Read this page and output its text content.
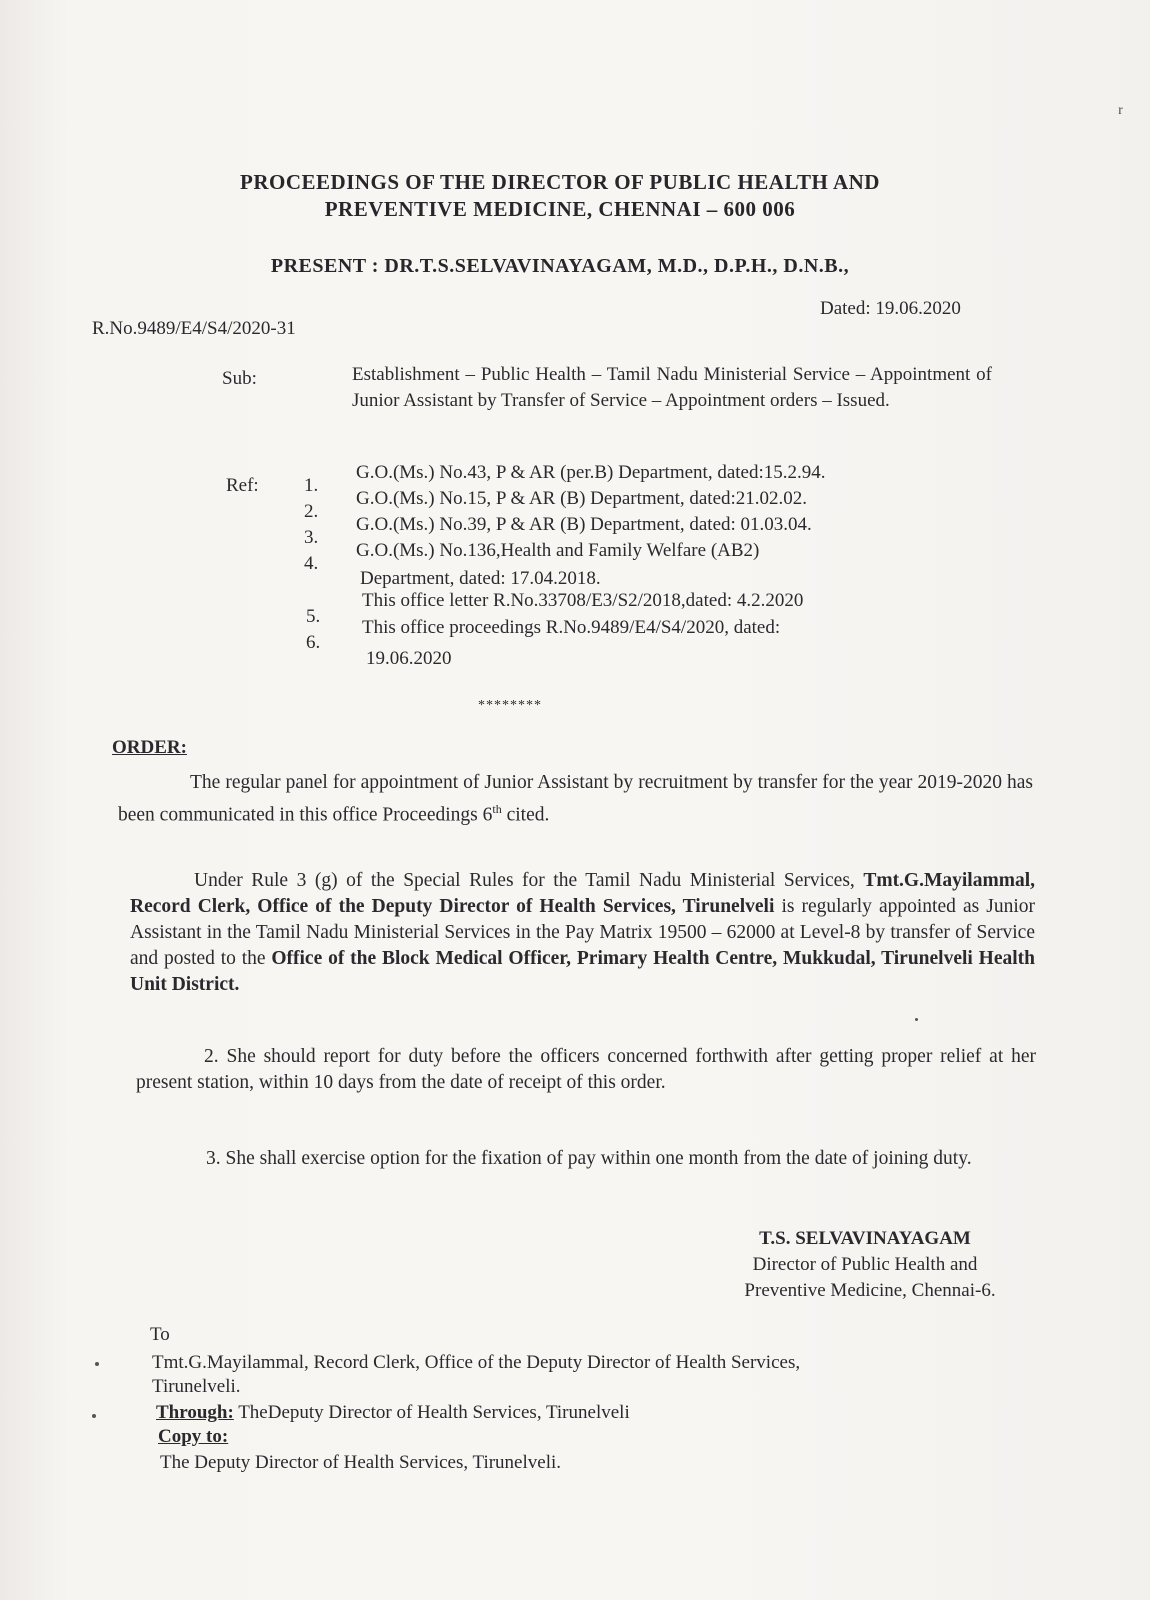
ʳ
PROCEEDINGS OF THE DIRECTOR OF PUBLIC HEALTH AND
PREVENTIVE MEDICINE, CHENNAI – 600 006
PRESENT : DR.T.S.SELVAVINAYAGAM, M.D., D.P.H., D.N.B.,
R.No.9489/E4/S4/2020-31
Dated: 19.06.2020
Sub:	Establishment – Public Health – Tamil Nadu Ministerial Service – Appointment of Junior Assistant by Transfer of Service – Appointment orders – Issued.
Ref: 1.
G.O.(Ms.) No.43, P & AR (per.B) Department, dated:15.2.94.
2.
G.O.(Ms.) No.15, P & AR (B) Department, dated:21.02.02.
3.
G.O.(Ms.) No.39, P & AR (B) Department, dated: 01.03.04.
4.
G.O.(Ms.) No.136,Health and Family Welfare (AB2)
Department, dated: 17.04.2018.
5.
This office letter R.No.33708/E3/S2/2018,dated: 4.2.2020
6.
This office proceedings R.No.9489/E4/S4/2020, dated:
19.06.2020
********
ORDER:
The regular panel for appointment of Junior Assistant by recruitment by transfer for the year 2019-2020 has been communicated in this office Proceedings 6th cited.
Under Rule 3 (g) of the Special Rules for the Tamil Nadu Ministerial Services, Tmt.G.Mayilammal, Record Clerk, Office of the Deputy Director of Health Services, Tirunelveli is regularly appointed as Junior Assistant in the Tamil Nadu Ministerial Services in the Pay Matrix 19500 – 62000 at Level-8 by transfer of Service and posted to the Office of the Block Medical Officer, Primary Health Centre, Mukkudal, Tirunelveli Health Unit District.
2. She should report for duty before the officers concerned forthwith after getting proper relief at her present station, within 10 days from the date of receipt of this order.
3. She shall exercise option for the fixation of pay within one month from the date of joining duty.
T.S. SELVAVINAYAGAM
Director of Public Health and
Preventive Medicine, Chennai-6.
To
Tmt.G.Mayilammal, Record Clerk, Office of the Deputy Director of Health Services,
Tirunelveli.
Through: TheDeputy Director of Health Services, Tirunelveli
Copy to:
The Deputy Director of Health Services, Tirunelveli.
